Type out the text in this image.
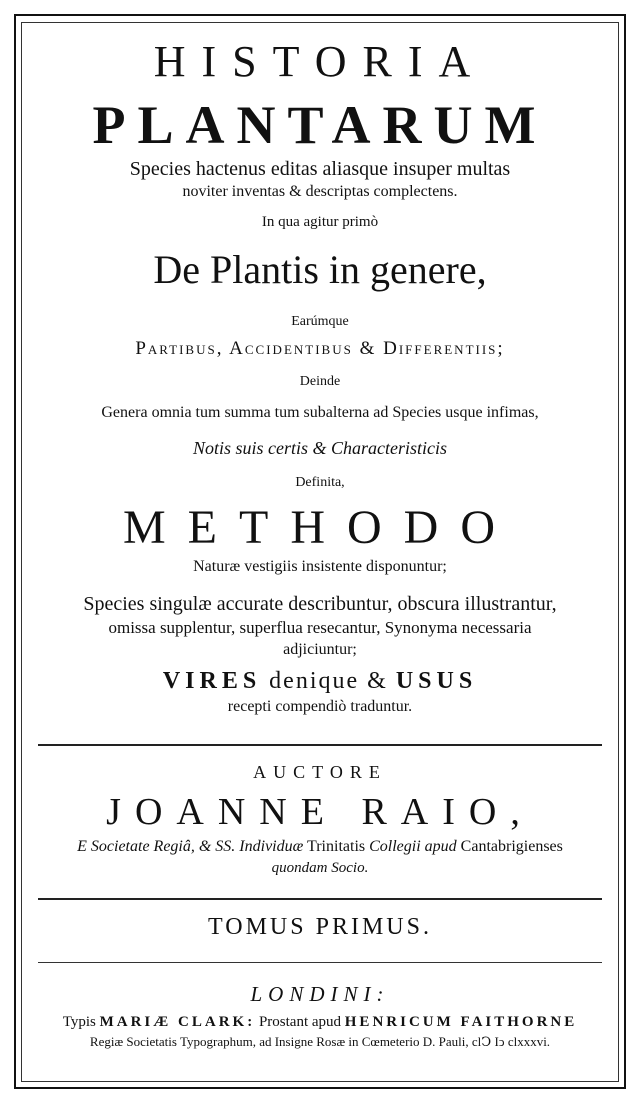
HISTORIA
PLANTARUM
Species hactenus editas aliasque insuper multas
noviter inventas & descriptas complectens.
In qua agitur primò
De Plantis in genere,
Earúmque
Partibus, Accidentibus & Differentiis;
Deinde
Genera omnia tum summa tum subalterna ad Species usque infimas,
Notis suis certis & Characteristicis
Definita,
METHODO
Naturæ vestigiis insistente disponuntur;
Species singulæ accurate describuntur, obscura illustrantur,
omissa supplentur, superflua resecantur, Synonyma necessaria
adjiciuntur;
VIRES denique & USUS
recepti compendiò traduntur.
AUCTORE
JOANNE RAIO,
E Societate Regiâ, & SS. Individuæ Trinitatis Collegii apud Cantabrigienses
quondam Socio.
TOMUS PRIMUS.
LONDINI:
Typis MARIÆ CLARK: Prostant apud HENRICUM FAITHORNE
Regiæ Societatis Typographum, ad Insigne Rosæ in Cœmeterio D. Pauli, clↃ Iↄ clxxxvi.
